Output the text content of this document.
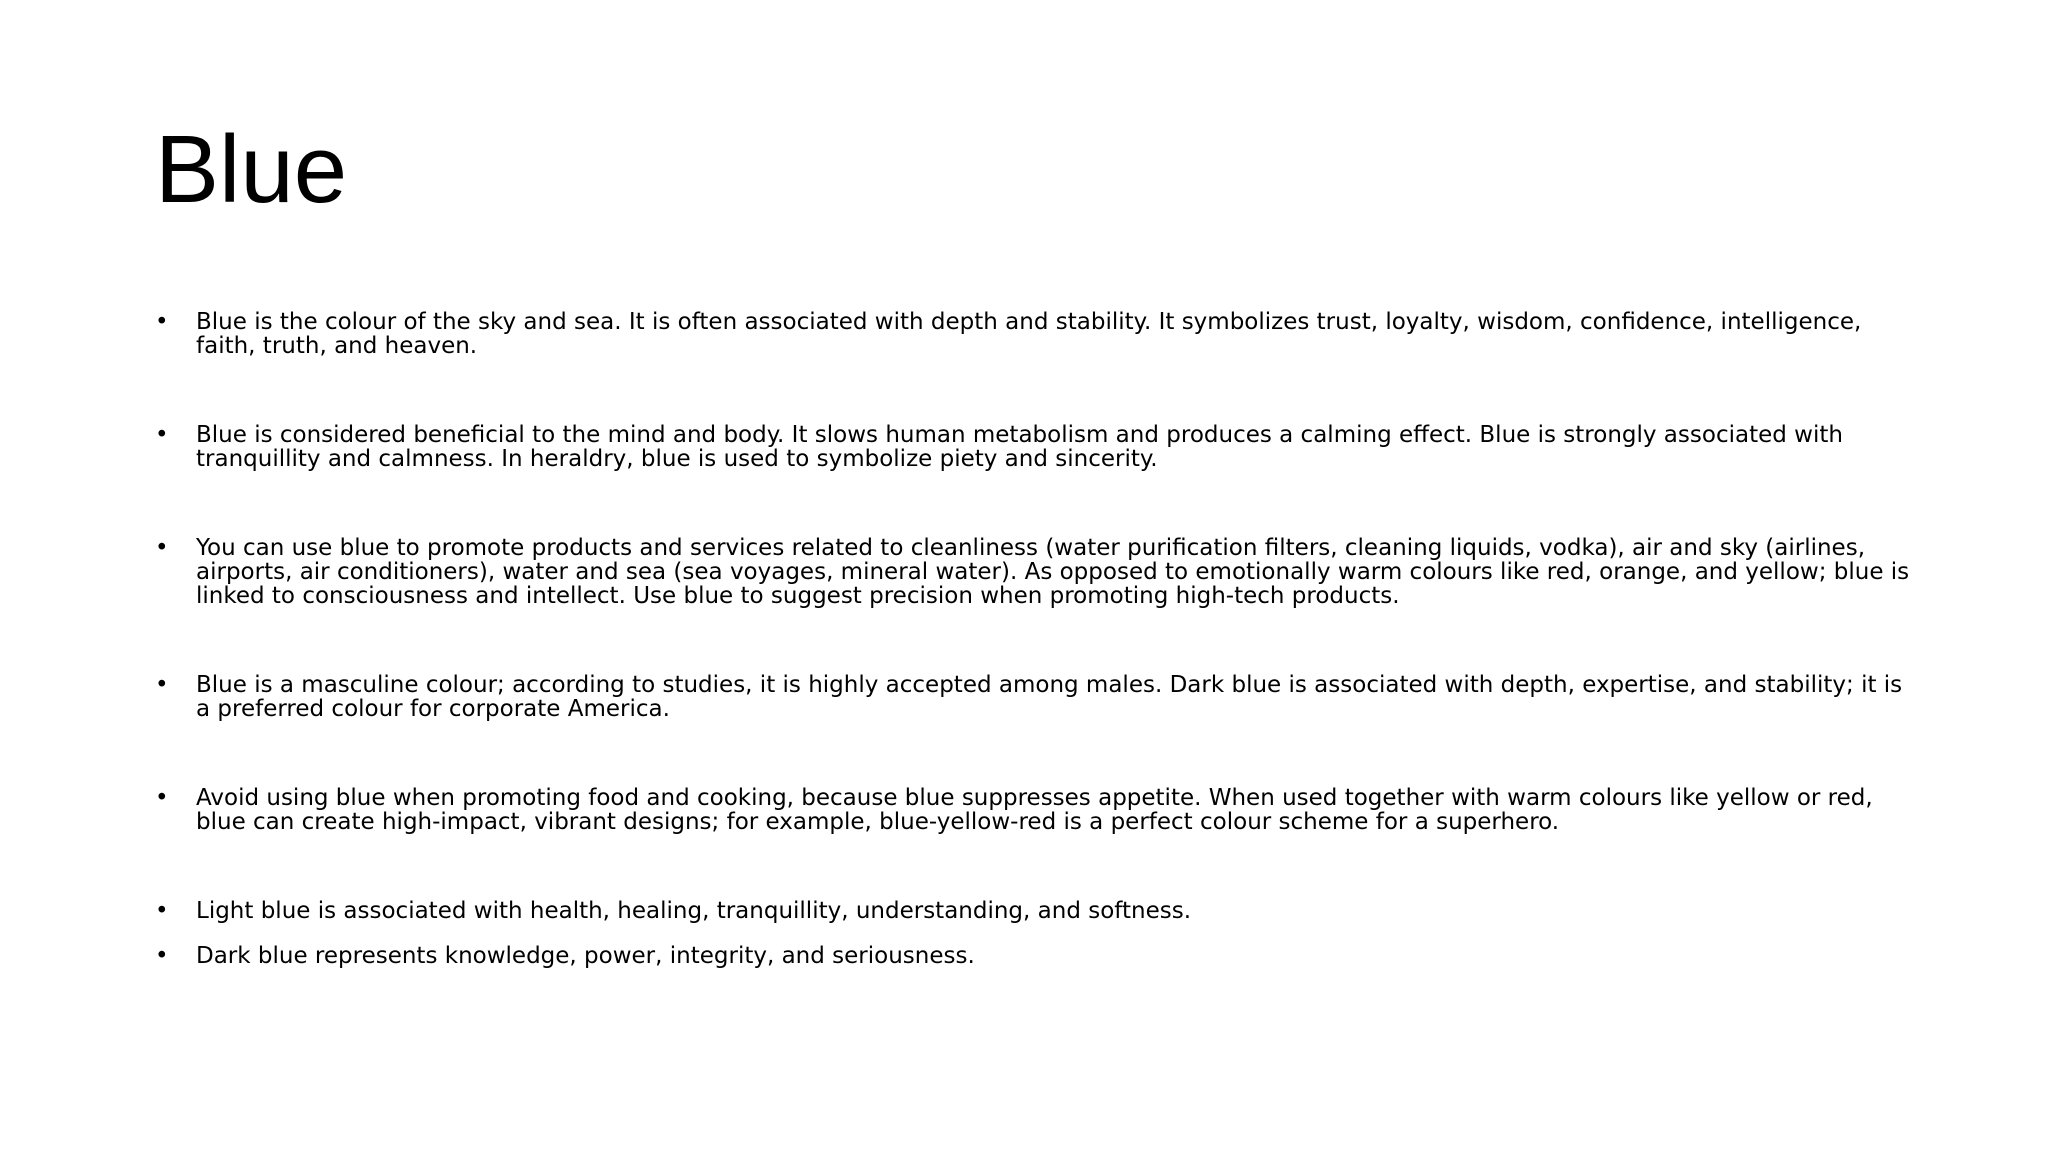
Blue
• Blue is the colour of the sky and sea. It is often associated with depth and stability. It symbolizes trust, loyalty, wisdom, confidence, intelligence, faith, truth, and heaven.
• Blue is considered beneficial to the mind and body. It slows human metabolism and produces a calming effect. Blue is strongly associated with tranquillity and calmness. In heraldry, blue is used to symbolize piety and sincerity.
• You can use blue to promote products and services related to cleanliness (water purification filters, cleaning liquids, vodka), air and sky (airlines, airports, air conditioners), water and sea (sea voyages, mineral water). As opposed to emotionally warm colours like red, orange, and yellow; blue is linked to consciousness and intellect. Use blue to suggest precision when promoting high-tech products.
• Blue is a masculine colour; according to studies, it is highly accepted among males. Dark blue is associated with depth, expertise, and stability; it is a preferred colour for corporate America.
• Avoid using blue when promoting food and cooking, because blue suppresses appetite. When used together with warm colours like yellow or red, blue can create high-impact, vibrant designs; for example, blue-yellow-red is a perfect colour scheme for a superhero.
• Light blue is associated with health, healing, tranquillity, understanding, and softness.
• Dark blue represents knowledge, power, integrity, and seriousness.
